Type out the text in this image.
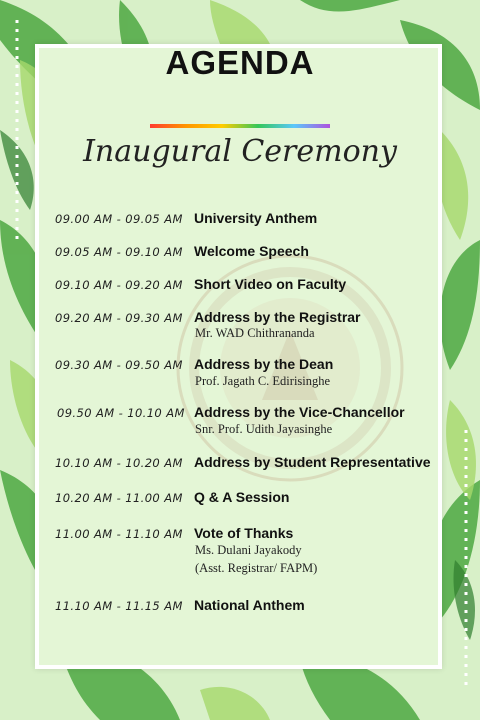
AGENDA
Inaugural Ceremony
09.00 AM - 09.05 AM University Anthem
09.05 AM - 09.10 AM Welcome Speech
09.10 AM - 09.20 AM Short Video on Faculty
09.20 AM - 09.30 AM Address by the Registrar
Mr. WAD Chithrananda
09.30 AM - 09.50 AM Address by the Dean
Prof. Jagath C. Edirisinghe
09.50 AM - 10.10 AM Address by the Vice-Chancellor
Snr. Prof. Udith Jayasinghe
10.10 AM - 10.20 AM Address by Student Representative
10.20 AM - 11.00 AM Q & A Session
11.00 AM - 11.10 AM Vote of Thanks
Ms. Dulani Jayakody
(Asst. Registrar/ FAPM)
11.10 AM - 11.15 AM National Anthem
